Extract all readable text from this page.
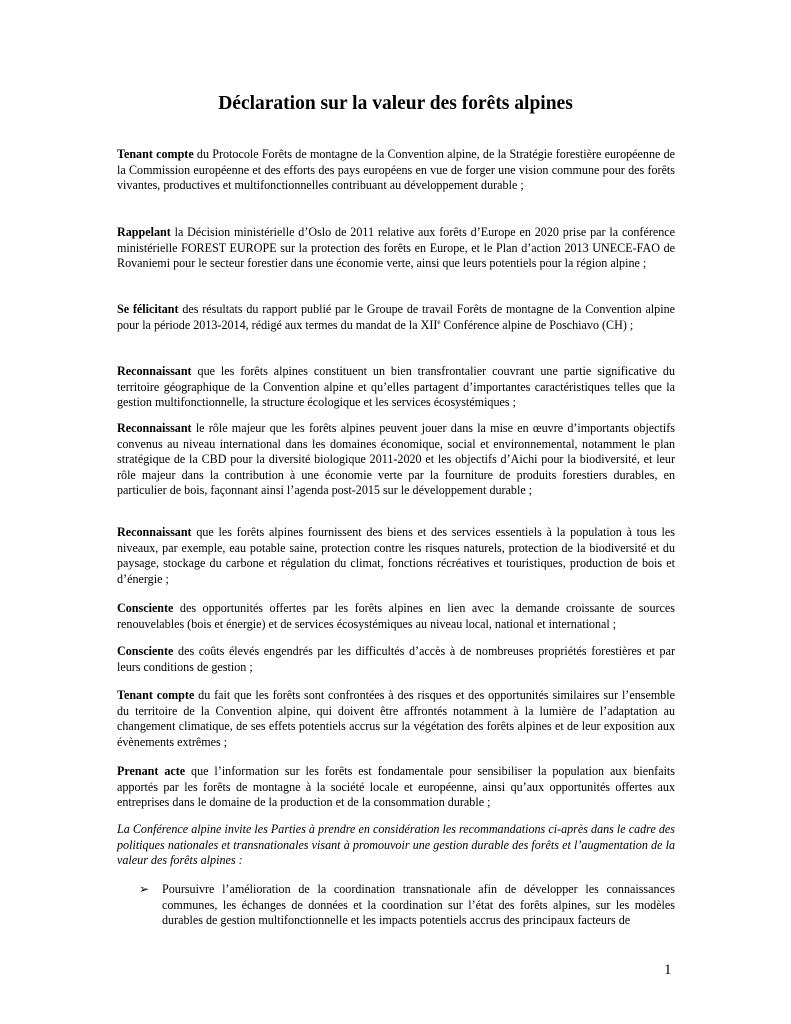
Déclaration sur la valeur des forêts alpines

Tenant compte du Protocole Forêts de montagne de la Convention alpine, de la Stratégie forestière européenne de la Commission européenne et des efforts des pays européens en vue de forger une vision commune pour des forêts vivantes, productives et multifonctionnelles contribuant au développement durable ;

Rappelant la Décision ministérielle d’Oslo de 2011 relative aux forêts d’Europe en 2020 prise par la conférence ministérielle FOREST EUROPE sur la protection des forêts en Europe, et le Plan d’action 2013 UNECE-FAO de Rovaniemi pour le secteur forestier dans une économie verte, ainsi que leurs potentiels pour la région alpine ;

Se félicitant des résultats du rapport publié par le Groupe de travail Forêts de montagne de la Convention alpine pour la période 2013-2014, rédigé aux termes du mandat de la XIIe Conférence alpine de Poschiavo (CH) ;

Reconnaissant que les forêts alpines constituent un bien transfrontalier couvrant une partie significative du territoire géographique de la Convention alpine et qu’elles partagent d’importantes caractéristiques telles que la gestion multifonctionnelle, la structure écologique et les services écosystémiques ;

Reconnaissant le rôle majeur que les forêts alpines peuvent jouer dans la mise en œuvre d’importants objectifs convenus au niveau international dans les domaines économique, social et environnemental, notamment le plan stratégique de la CBD pour la diversité biologique 2011-2020 et les objectifs d’Aichi pour la biodiversité, et leur rôle majeur dans la contribution à une économie verte par la fourniture de produits forestiers durables, en particulier de bois, façonnant ainsi l’agenda post-2015 sur le développement durable ;

Reconnaissant que les forêts alpines fournissent des biens et des services essentiels à la population à tous les niveaux, par exemple, eau potable saine, protection contre les risques naturels, protection de la biodiversité et du paysage, stockage du carbone et régulation du climat, fonctions récréatives et touristiques, production de bois et d’énergie ;

Consciente des opportunités offertes par les forêts alpines en lien avec la demande croissante de sources renouvelables (bois et énergie) et de services écosystémiques au niveau local, national et international ;

Consciente des coûts élevés engendrés par les difficultés d’accès à de nombreuses propriétés forestières et par leurs conditions de gestion ;

Tenant compte du fait que les forêts sont confrontées à des risques et des opportunités similaires sur l’ensemble du territoire de la Convention alpine, qui doivent être affrontés notamment à la lumière de l’adaptation au changement climatique, de ses effets potentiels accrus sur la végétation des forêts alpines et de leur exposition aux évènements extrêmes ;

Prenant acte que l’information sur les forêts est fondamentale pour sensibiliser la population aux bienfaits apportés par les forêts de montagne à la société locale et européenne, ainsi qu’aux opportunités offertes aux entreprises dans le domaine de la production et de la consommation durable ;

La Conférence alpine invite les Parties à prendre en considération les recommandations ci-après dans le cadre des politiques nationales et transnationales visant à promouvoir une gestion durable des forêts et l’augmentation de la valeur des forêts alpines :

➢	Poursuivre l’amélioration de la coordination transnationale afin de développer les connaissances communes, les échanges de données et la coordination sur l’état des forêts alpines, sur les modèles durables de gestion multifonctionnelle et les impacts potentiels accrus des principaux facteurs de

1
